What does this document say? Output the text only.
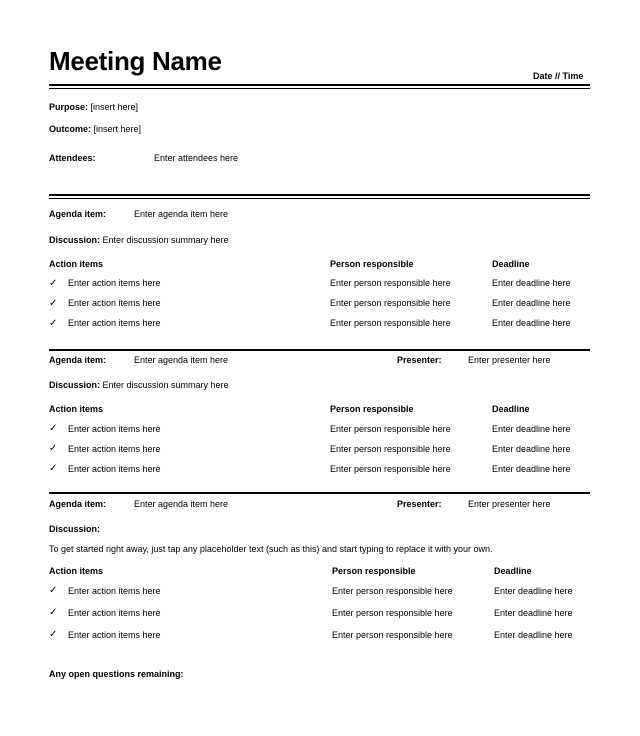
Meeting Name	Date // Time
Purpose: [insert here]
Outcome: [insert here]
Attendees:	Enter attendees here
Agenda item:	Enter agenda item here
Discussion: Enter discussion summary here
Action items	Person responsible	Deadline
✓ Enter action items here	Enter person responsible here	Enter deadline here
✓ Enter action items here	Enter person responsible here	Enter deadline here
✓ Enter action items here	Enter person responsible here	Enter deadline here
Agenda item:	Enter agenda item here	Presenter:	Enter presenter here
Discussion: Enter discussion summary here
Action items	Person responsible	Deadline
✓ Enter action items here	Enter person responsible here	Enter deadline here
✓ Enter action items here	Enter person responsible here	Enter deadline here
✓ Enter action items here	Enter person responsible here	Enter deadline here
Agenda item:	Enter agenda item here	Presenter:	Enter presenter here
Discussion:
To get started right away, just tap any placeholder text (such as this) and start typing to replace it with your own.
Action items	Person responsible	Deadline
✓ Enter action items here	Enter person responsible here	Enter deadline here
✓ Enter action items here	Enter person responsible here	Enter deadline here
✓ Enter action items here	Enter person responsible here	Enter deadline here
Any open questions remaining:
